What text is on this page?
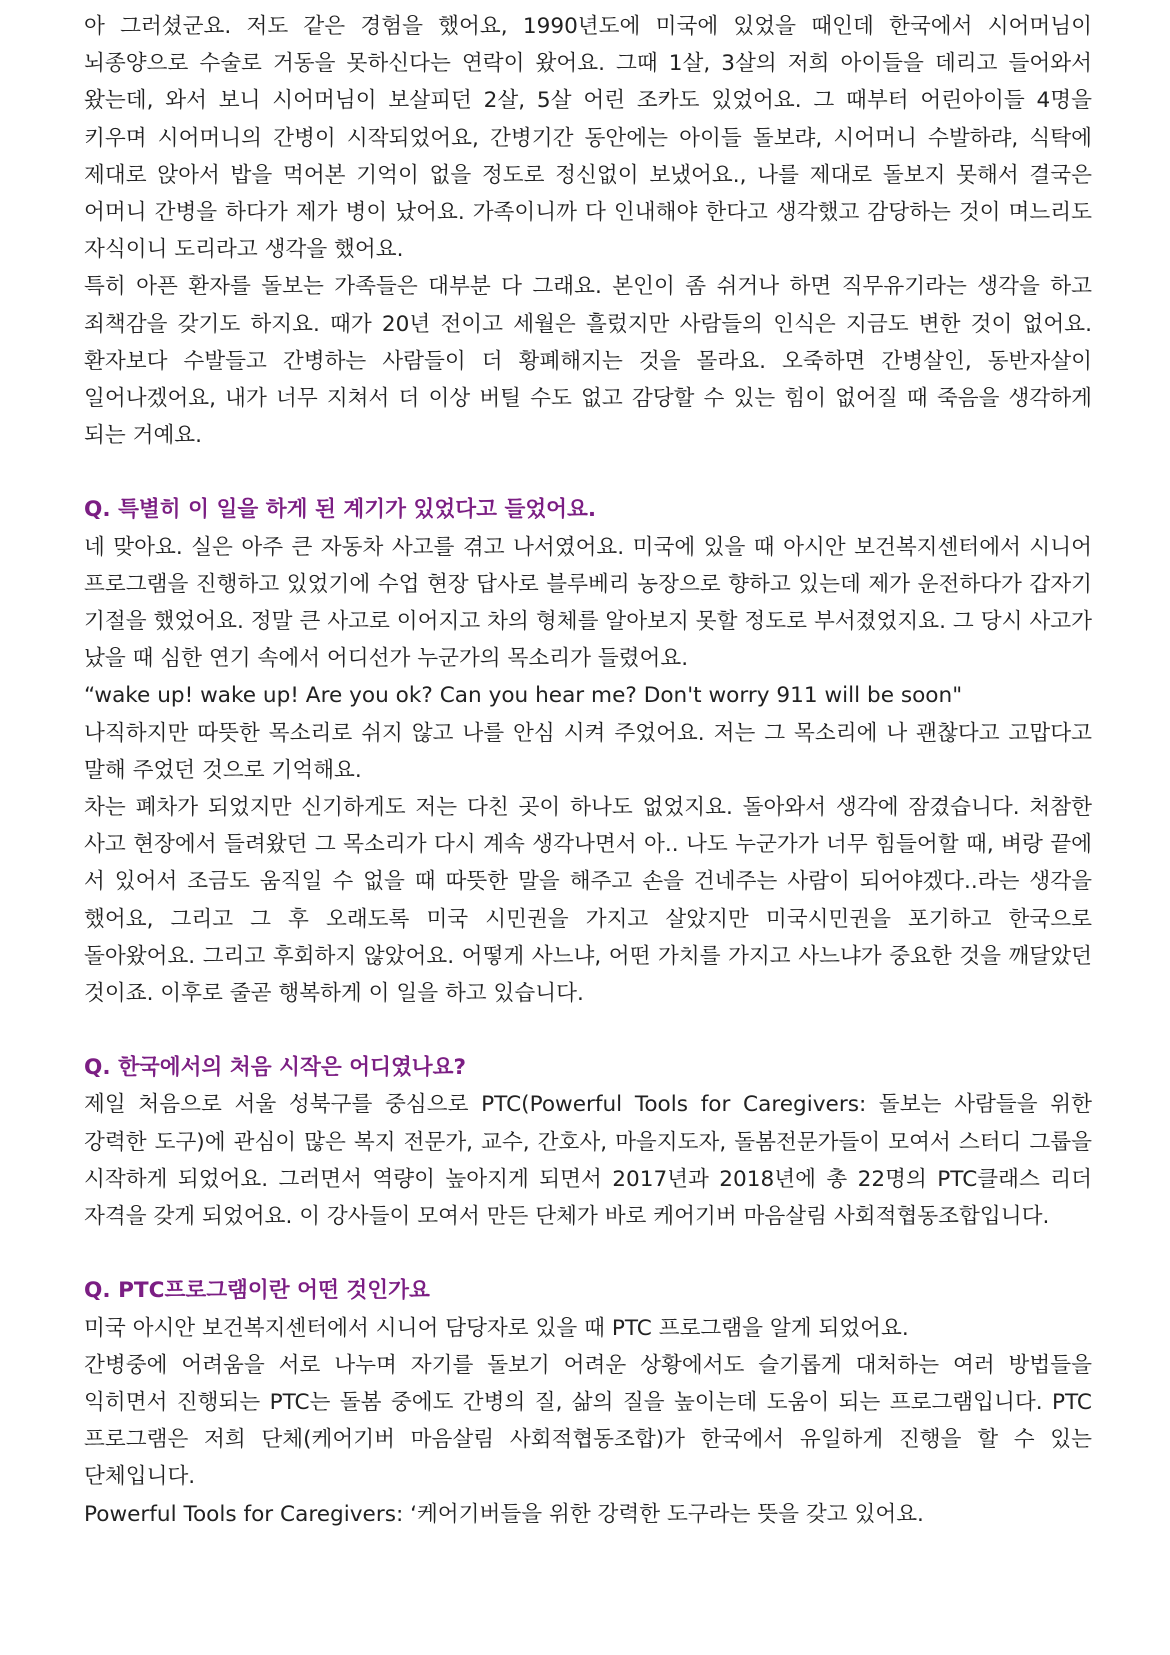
아 그러셨군요. 저도 같은 경험을 했어요, 1990년도에 미국에 있었을 때인데 한국에서 시어머님이 뇌종양으로 수술로 거동을 못하신다는 연락이 왔어요. 그때 1살, 3살의 저희 아이들을 데리고 들어와서 왔는데, 와서 보니 시어머님이 보살피던 2살, 5살 어린 조카도 있었어요. 그 때부터 어린아이들 4명을 키우며 시어머니의 간병이 시작되었어요, 간병기간 동안에는 아이들 돌보랴, 시어머니 수발하랴, 식탁에 제대로 앉아서 밥을 먹어본 기억이 없을 정도로 정신없이 보냈어요., 나를 제대로 돌보지 못해서 결국은 어머니 간병을 하다가 제가 병이 났어요. 가족이니까 다 인내해야 한다고 생각했고 감당하는 것이 며느리도 자식이니 도리라고 생각을 했어요.

특히 아픈 환자를 돌보는 가족들은 대부분 다 그래요. 본인이 좀 쉬거나 하면 직무유기라는 생각을 하고 죄책감을 갖기도 하지요. 때가 20년 전이고 세월은 흘렀지만 사람들의 인식은 지금도 변한 것이 없어요. 환자보다 수발들고 간병하는 사람들이 더 황폐해지는 것을 몰라요. 오죽하면 간병살인, 동반자살이 일어나겠어요, 내가 너무 지쳐서 더 이상 버틸 수도 없고 감당할 수 있는 힘이 없어질 때 죽음을 생각하게 되는 거예요.

Q. 특별히 이 일을 하게 된 계기가 있었다고 들었어요.

네 맞아요. 실은 아주 큰 자동차 사고를 겪고 나서였어요. 미국에 있을 때 아시안 보건복지센터에서 시니어 프로그램을 진행하고 있었기에 수업 현장 답사로 블루베리 농장으로 향하고 있는데 제가 운전하다가 갑자기 기절을 했었어요. 정말 큰 사고로 이어지고 차의 형체를 알아보지 못할 정도로 부서졌었지요. 그 당시 사고가 났을 때 심한 연기 속에서 어디선가 누군가의 목소리가 들렸어요.

“wake up! wake up! Are you ok? Can you hear me? Don't worry 911 will be soon"

나직하지만 따뜻한 목소리로 쉬지 않고 나를 안심 시켜 주었어요. 저는 그 목소리에 나 괜찮다고 고맙다고 말해 주었던 것으로 기억해요.

차는 폐차가 되었지만 신기하게도 저는 다친 곳이 하나도 없었지요. 돌아와서 생각에 잠겼습니다. 처참한 사고 현장에서 들려왔던 그 목소리가 다시 계속 생각나면서 아.. 나도 누군가가 너무 힘들어할 때, 벼랑 끝에 서 있어서 조금도 움직일 수 없을 때 따뜻한 말을 해주고 손을 건네주는 사람이 되어야겠다..라는 생각을 했어요, 그리고 그 후 오래도록 미국 시민권을 가지고 살았지만 미국시민권을 포기하고 한국으로 돌아왔어요. 그리고 후회하지 않았어요. 어떻게 사느냐, 어떤 가치를 가지고 사느냐가 중요한 것을 깨달았던 것이죠. 이후로 줄곧 행복하게 이 일을 하고 있습니다.

Q. 한국에서의 처음 시작은 어디였나요?

제일 처음으로 서울 성북구를 중심으로 PTC(Powerful Tools for Caregivers: 돌보는 사람들을 위한 강력한 도구)에 관심이 많은 복지 전문가, 교수, 간호사, 마을지도자, 돌봄전문가들이 모여서 스터디 그룹을 시작하게 되었어요. 그러면서 역량이 높아지게 되면서 2017년과 2018년에 총 22명의 PTC클래스 리더 자격을 갖게 되었어요. 이 강사들이 모여서 만든 단체가 바로 케어기버 마음살림 사회적협동조합입니다.

Q. PTC프로그램이란 어떤 것인가요

미국 아시안 보건복지센터에서 시니어 담당자로 있을 때 PTC 프로그램을 알게 되었어요.

간병중에 어려움을 서로 나누며 자기를 돌보기 어려운 상황에서도 슬기롭게 대처하는 여러 방법들을 익히면서 진행되는 PTC는 돌봄 중에도 간병의 질, 삶의 질을 높이는데 도움이 되는 프로그램입니다. PTC 프로그램은 저희 단체(케어기버 마음살림 사회적협동조합)가 한국에서 유일하게 진행을 할 수 있는 단체입니다.

Powerful Tools for Caregivers: ‘케어기버들을 위한 강력한 도구라는 뜻을 갖고 있어요.
